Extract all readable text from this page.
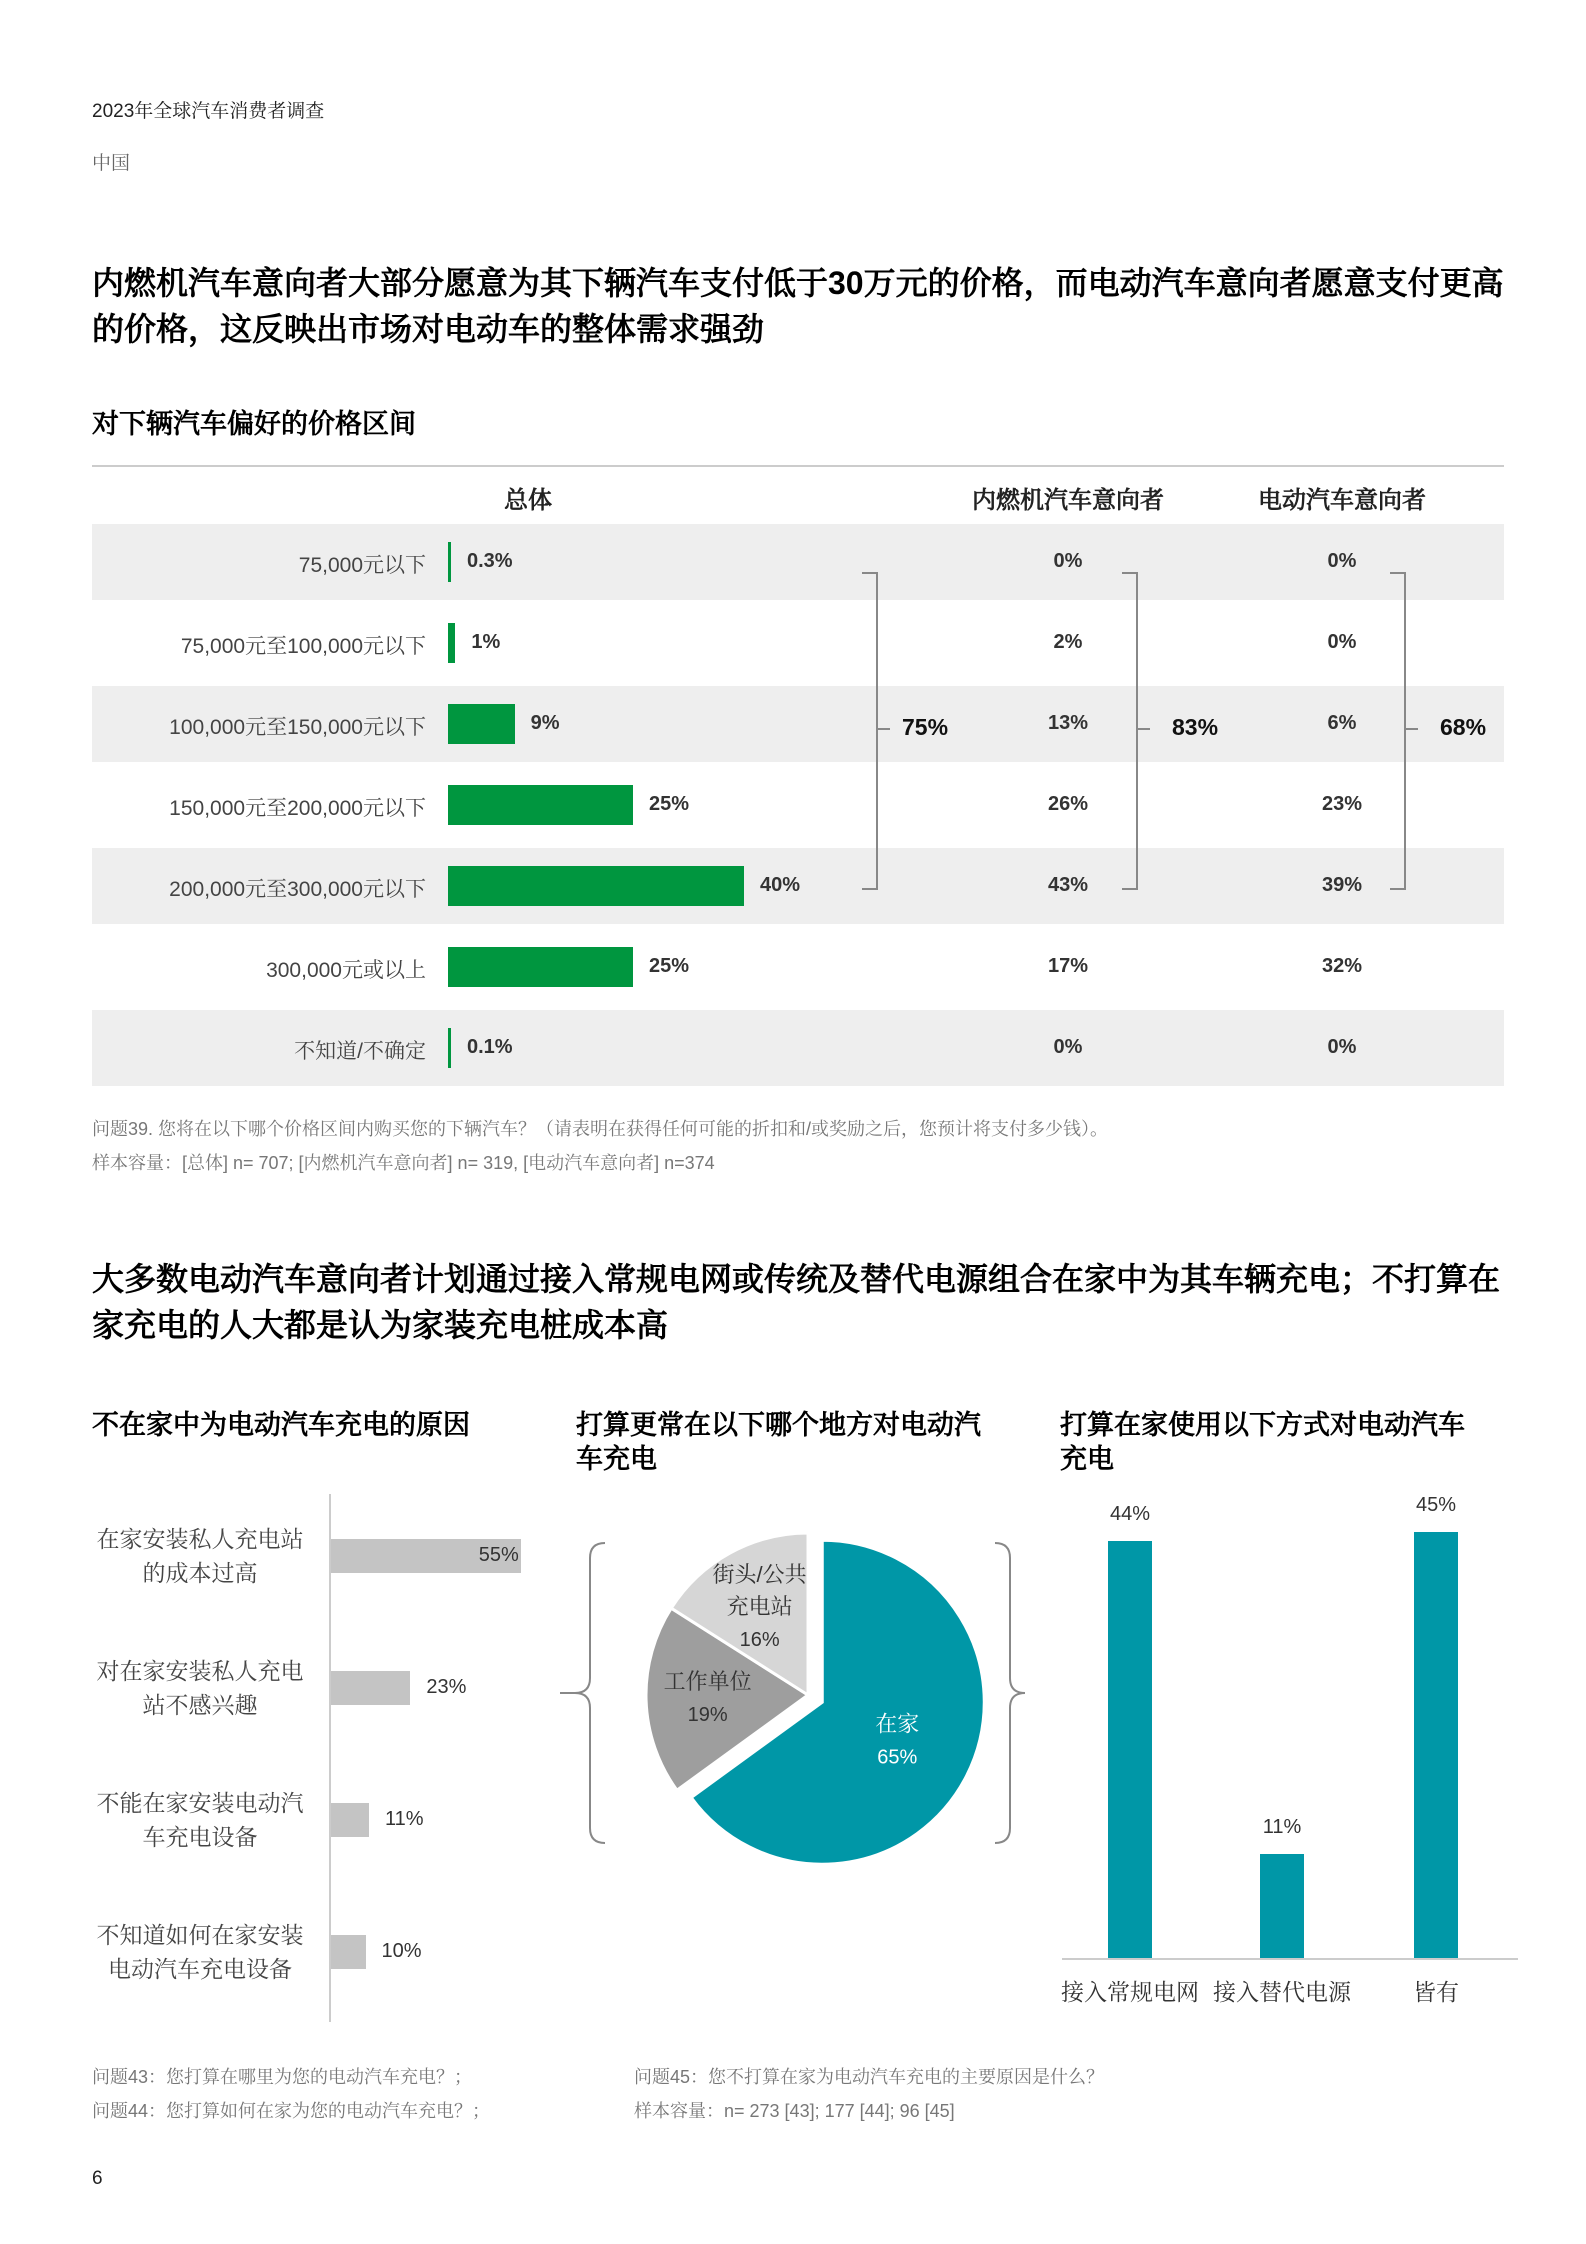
2023年全球汽车消费者调查
中国
内燃机汽车意向者大部分愿意为其下辆汽车支付低于30万元的价格，而电动汽车意向者愿意支付更高的价格，这反映出市场对电动车的整体需求强劲
对下辆汽车偏好的价格区间
总体	内燃机汽车意向者	电动汽车意向者
75,000元以下 0.3%	0%	0%
75,000元至100,000元以下 1%	2%	0%
100,000元至150,000元以下	9%	13%	6%
150,000元至200,000元以下	25%	26%	23%
200,000元至300,000元以下	40%	43%	39%
300,000元或以上	25%	17%	32%
不知道/不确定 0.1%	0%	0%
75%	83%	68%
问题39. 您将在以下哪个价格区间内购买您的下辆汽车？（请表明在获得任何可能的折扣和/或奖励之后，您预计将支付多少钱）。
样本容量：[总体] n= 707; [内燃机汽车意向者] n= 319, [电动汽车意向者] n=374
大多数电动汽车意向者计划通过接入常规电网或传统及替代电源组合在家中为其车辆充电；不打算在家充电的人大都是认为家装充电桩成本高
不在家中为电动汽车充电的原因	打算更常在以下哪个地方对电动汽
车充电
打算在家使用以下方式对电动汽车
充电
55%
在家安装私人充电站
的成本过高
23%
对在家安装私人充电
站不感兴趣
11%
不能在家安装电动汽
车充电设备
10%
不知道如何在家安装
电动汽车充电设备
在家
65%
工作单位
19%
街头/公共
充电站
16%
44%
接入常规电网
11%
接入替代电源
45%
皆有
问题43：您打算在哪里为您的电动汽车充电？；
问题44：您打算如何在家为您的电动汽车充电？；
问题45：您不打算在家为电动汽车充电的主要原因是什么？
样本容量：n= 273 [43]; 177 [44]; 96 [45]
6
